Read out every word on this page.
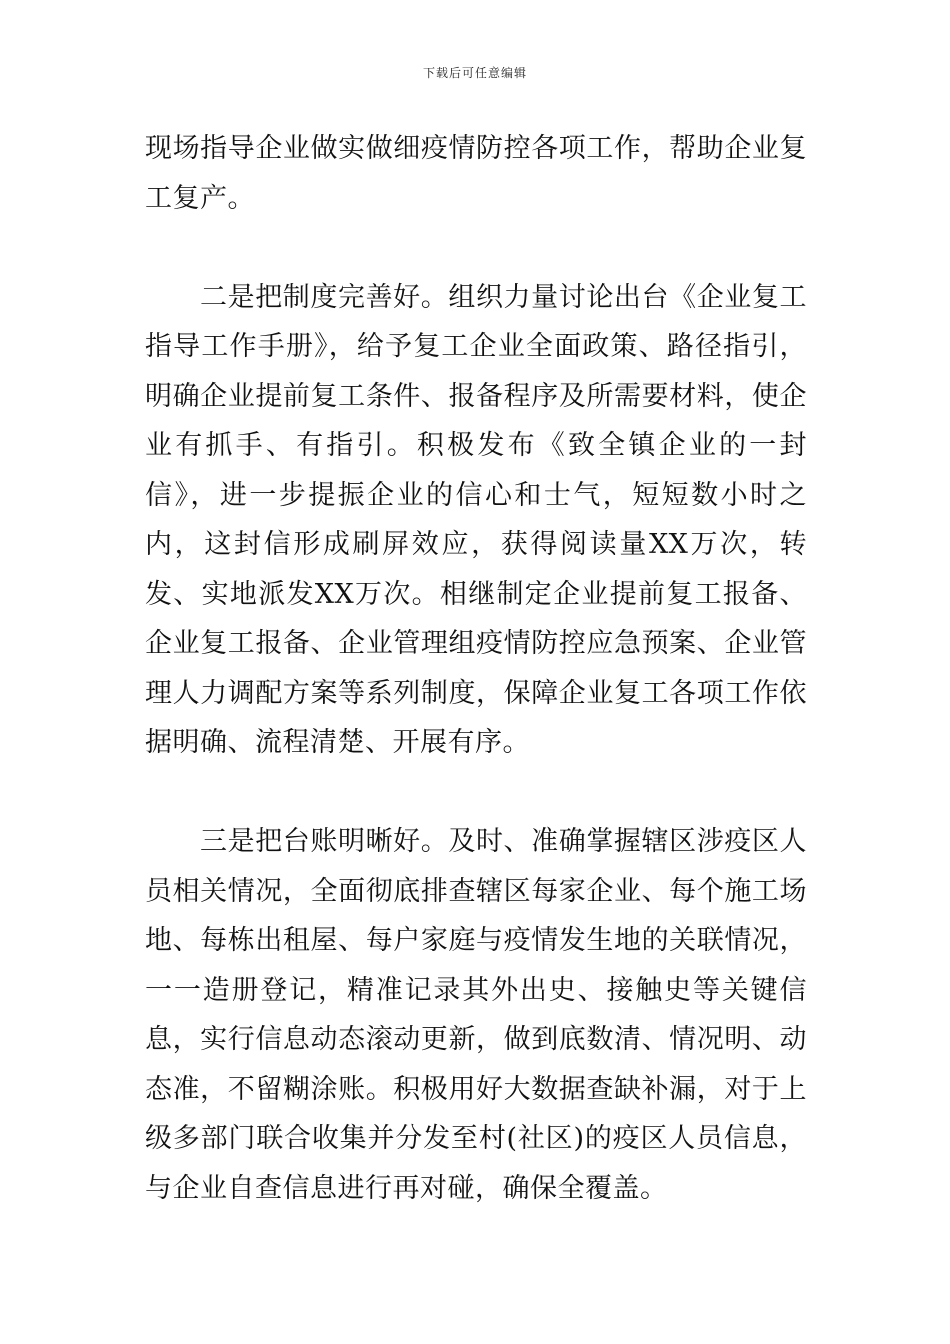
下载后可任意编辑

现场指导企业做实做细疫情防控各项工作，帮助企业复工复产。

二是把制度完善好。组织力量讨论出台《企业复工指导工作手册》，给予复工企业全面政策、路径指引，明确企业提前复工条件、报备程序及所需要材料，使企业有抓手、有指引。积极发布《致全镇企业的一封信》，进一步提振企业的信心和士气，短短数小时之内，这封信形成刷屏效应，获得阅读量XX万次，转发、实地派发XX万次。相继制定企业提前复工报备、企业复工报备、企业管理组疫情防控应急预案、企业管理人力调配方案等系列制度，保障企业复工各项工作依据明确、流程清楚、开展有序。

三是把台账明晰好。及时、准确掌握辖区涉疫区人员相关情况，全面彻底排查辖区每家企业、每个施工场地、每栋出租屋、每户家庭与疫情发生地的关联情况，一一造册登记，精准记录其外出史、接触史等关键信息，实行信息动态滚动更新，做到底数清、情况明、动态准，不留糊涂账。积极用好大数据查缺补漏，对于上级多部门联合收集并分发至村(社区)的疫区人员信息，与企业自查信息进行再对碰，确保全覆盖。
